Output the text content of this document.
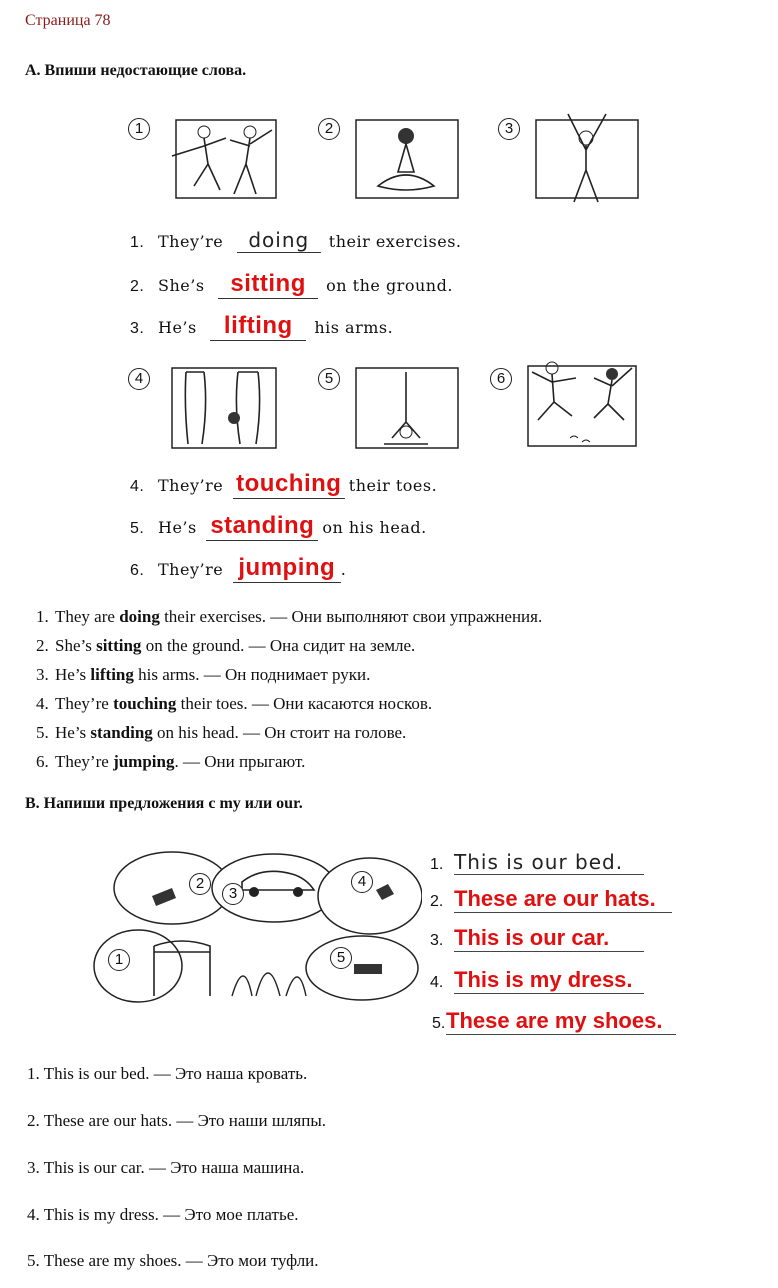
Страница 78
A. Впиши недостающие слова.
1	2	3
1. They’re doing their exercises.
2. She’s sitting on the ground.
3. He’s lifting his arms.
4	5	6
4. They’re touching their toes.
5. He’s standing on his head.
6. They’re jumping .
1. They are doing their exercises. — Они выполняют свои упражнения.
2. She’s sitting on the ground. — Она сидит на земле.
3. He’s lifting his arms. — Он поднимает руки.
4. They’re touching their toes. — Они касаются носков.
5. He’s standing on his head. — Он стоит на голове.
6. They’re jumping. — Они прыгают.
B. Напиши предложения с my или our.
2
3
4
1	5
1. This is our bed.
2. These are our hats.
3. This is our car.
4. This is my dress.
5.These are my shoes.
1. This is our bed. — Это наша кровать.
2. These are our hats. — Это наши шляпы.
3. This is our car. — Это наша машина.
4. This is my dress. — Это мое платье.
5. These are my shoes. — Это мои туфли.
